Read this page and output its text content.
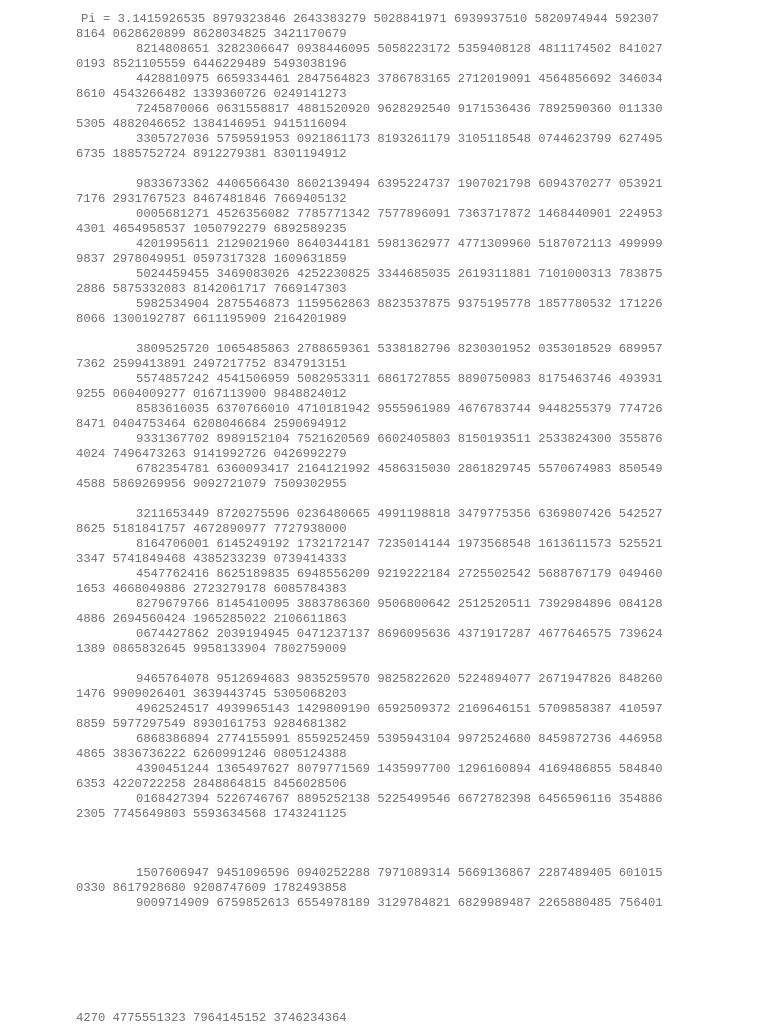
Pi = 3.1415926535 8979323846 2643383279 5028841971 6939937510 5820974944 592307
8164 0628620899 8628034825 3421170679
8214808651 3282306647 0938446095 5058223172 5359408128 4811174502 841027
0193 8521105559 6446229489 5493038196
4428810975 6659334461 2847564823 3786783165 2712019091 4564856692 346034
8610 4543266482 1339360726 0249141273
7245870066 0631558817 4881520920 9628292540 9171536436 7892590360 011330
5305 4882046652 1384146951 9415116094
3305727036 5759591953 0921861173 8193261179 3105118548 0744623799 627495
6735 1885752724 8912279381 8301194912
9833673362 4406566430 8602139494 6395224737 1907021798 6094370277 053921
7176 2931767523 8467481846 7669405132
0005681271 4526356082 7785771342 7577896091 7363717872 1468440901 224953
4301 4654958537 1050792279 6892589235
4201995611 2129021960 8640344181 5981362977 4771309960 5187072113 499999
9837 2978049951 0597317328 1609631859
5024459455 3469083026 4252230825 3344685035 2619311881 7101000313 783875
2886 5875332083 8142061717 7669147303
5982534904 2875546873 1159562863 8823537875 9375195778 1857780532 171226
8066 1300192787 6611195909 2164201989
3809525720 1065485863 2788659361 5338182796 8230301952 0353018529 689957
7362 2599413891 2497217752 8347913151
5574857242 4541506959 5082953311 6861727855 8890750983 8175463746 493931
9255 0604009277 0167113900 9848824012
8583616035 6370766010 4710181942 9555961989 4676783744 9448255379 774726
8471 0404753464 6208046684 2590694912
9331367702 8989152104 7521620569 6602405803 8150193511 2533824300 355876
4024 7496473263 9141992726 0426992279
6782354781 6360093417 2164121992 4586315030 2861829745 5570674983 850549
4588 5869269956 9092721079 7509302955
3211653449 8720275596 0236480665 4991198818 3479775356 6369807426 542527
8625 5181841757 4672890977 7727938000
8164706001 6145249192 1732172147 7235014144 1973568548 1613611573 525521
3347 5741849468 4385233239 0739414333
4547762416 8625189835 6948556209 9219222184 2725502542 5688767179 049460
1653 4668049886 2723279178 6085784383
8279679766 8145410095 3883786360 9506800642 2512520511 7392984896 084128
4886 2694560424 1965285022 2106611863
0674427862 2039194945 0471237137 8696095636 4371917287 4677646575 739624
1389 0865832645 9958133904 7802759009
9465764078 9512694683 9835259570 9825822620 5224894077 2671947826 848260
1476 9909026401 3639443745 5305068203
4962524517 4939965143 1429809190 6592509372 2169646151 5709858387 410597
8859 5977297549 8930161753 9284681382
6868386894 2774155991 8559252459 5395943104 9972524680 8459872736 446958
4865 3836736222 6260991246 0805124388
4390451244 1365497627 8079771569 1435997700 1296160894 4169486855 584840
6353 4220722258 2848864815 8456028506
0168427394 5226746767 8895252138 5225499546 6672782398 6456596116 354886
2305 7745649803 5593634568 1743241125
1507606947 9451096596 0940252288 7971089314 5669136867 2287489405 601015
0330 8617928680 9208747609 1782493858
9009714909 6759852613 6554978189 3129784821 6829989487 2265880485 756401
4270 4775551323 7964145152 3746234364
